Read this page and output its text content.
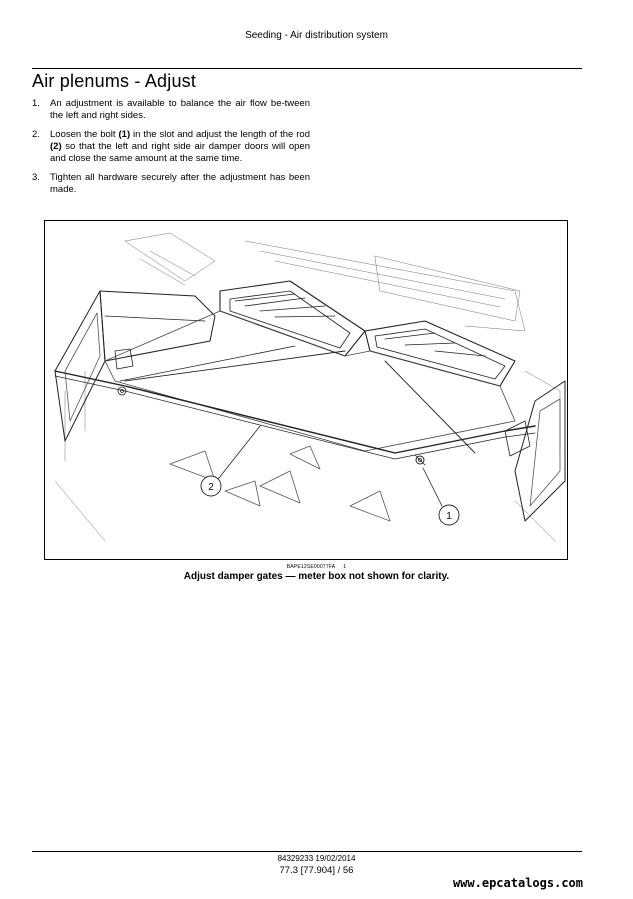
Seeding - Air distribution system
Air plenums - Adjust
1. An adjustment is available to balance the air flow be-tween the left and right sides.
2. Loosen the bolt (1) in the slot and adjust the length of the rod (2) so that the left and right side air damper doors will open and close the same amount at the same time.
3. Tighten all hardware securely after the adjustment has been made.
2
1
BAPE12SE00077FA 1
Adjust damper gates — meter box not shown for clarity.
84329233 19/02/2014
77.3 [77.904] / 56
www.epcatalogs.com
